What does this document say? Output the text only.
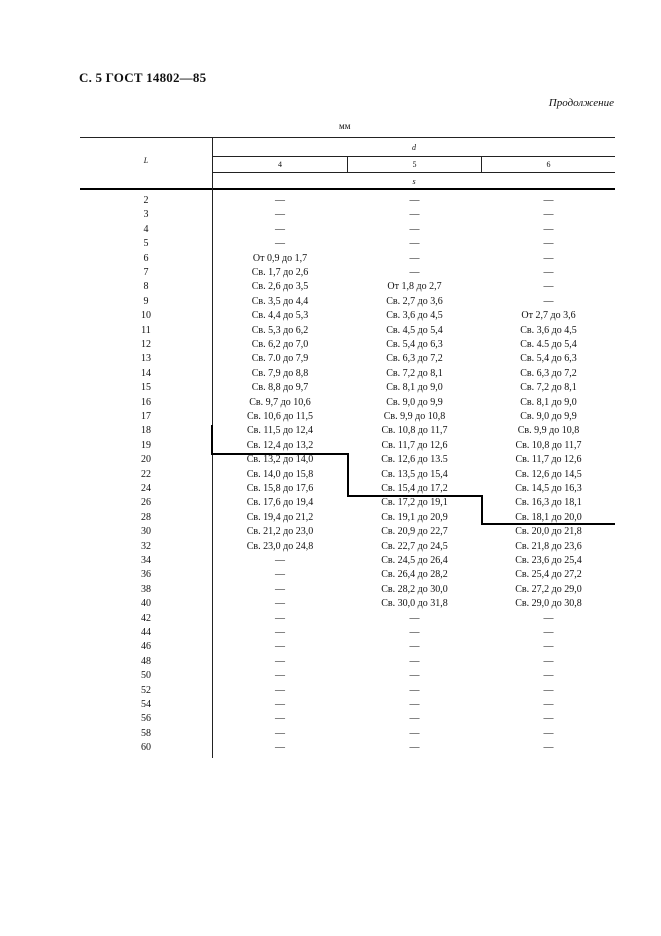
С. 5 ГОСТ 14802—85
Продолжение
мм
d
L	4	5	6
s
2	—	—	—
3	—	—	—
4	—	—	—
5	—	—	—
6	От 0,9 до 1,7	—	—
7	Св. 1,7 до 2,6	—	—
8	Св. 2,6 до 3,5	От 1,8 до 2,7	—
9	Св. 3,5 до 4,4	Св. 2,7 до 3,6	—
10	Св. 4,4 до 5,3	Св. 3,6 до 4,5	От 2,7 до 3,6
11	Св. 5,3 до 6,2	Св. 4,5 до 5,4	Св. 3,6 до 4,5
12	Св. 6,2 до 7,0	Св. 5,4 до 6,3	Св. 4.5 до 5,4
13	Св. 7.0 до 7,9	Св. 6,3 до 7,2	Св. 5,4 до 6,3
14	Св. 7,9 до 8,8	Св. 7,2 до 8,1	Св. 6,3 до 7,2
15	Св. 8,8 до 9,7	Св. 8,1 до 9,0	Св. 7,2 до 8,1
16	Св. 9,7 до 10,6	Св. 9,0 до 9,9	Св. 8,1 до 9,0
17	Св. 10,6 до 11,5	Св. 9,9 до 10,8	Св. 9,0 до 9,9
18	Св. 11,5 до 12,4	Св. 10,8 до 11,7	Св. 9,9 до 10,8
19	Св. 12,4 до 13,2	Св. 11,7 до 12,6	Св. 10,8 до 11,7
20	Св. 13,2 до 14,0	Св. 12,6 до 13.5	Св. 11,7 до 12,6
22	Св. 14,0 до 15,8	Св. 13,5 до 15,4	Св. 12,6 до 14,5
24	Св. 15,8 до 17,6	Св. 15,4 до 17,2	Св. 14,5 до 16,3
26	Св. 17,6 до 19,4	Св. 17,2 до 19,1	Св. 16,3 до 18,1
28	Св. 19,4 до 21,2	Св. 19,1 до 20,9	Св. 18,1 до 20,0
30	Св. 21,2 до 23,0	Св. 20,9 до 22,7	Св. 20,0 до 21,8
32	Св. 23,0 до 24,8	Св. 22,7 до 24,5	Св. 21,8 до 23,6
34	—	Св. 24,5 до 26,4	Св. 23,6 до 25,4
36	—	Св. 26,4 до 28,2	Св. 25,4 до 27,2
38	—	Св. 28,2 до 30,0	Св. 27,2 до 29,0
40	—	Св. 30,0 до 31,8	Св. 29,0 до 30,8
42	—	—	—
44	—	—	—
46	—	—	—
48	—	—	—
50	—	—	—
52	—	—	—
54	—	—	—
56	—	—	—
58	—	—	—
60	—	—	—
